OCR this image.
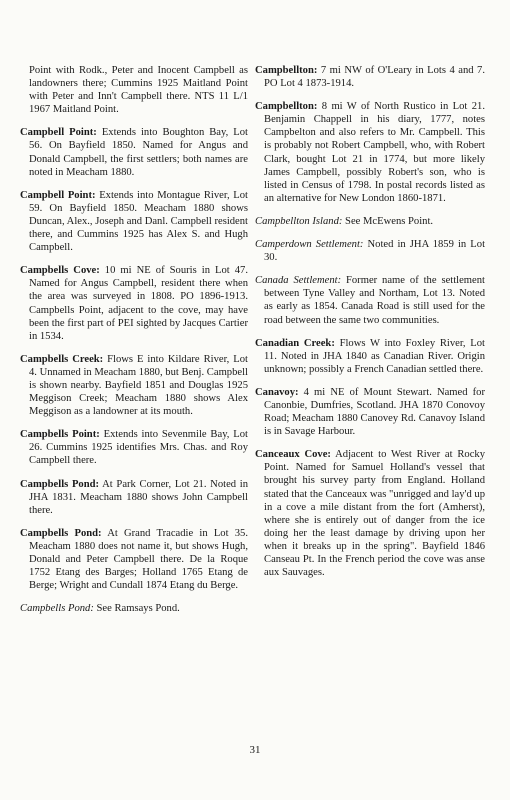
Point with Rodk., Peter and Inocent Campbell as landowners there; Cummins 1925 Maitland Point with Peter and Inn't Campbell there. NTS 11 L/1 1967 Maitland Point.

Campbell Point: Extends into Boughton Bay, Lot 56. On Bayfield 1850. Named for Angus and Donald Campbell, the first settlers; both names are noted in Meacham 1880.

Campbell Point: Extends into Montague River, Lot 59. On Bayfield 1850. Meacham 1880 shows Duncan, Alex., Joseph and Danl. Campbell resident there, and Cummins 1925 has Alex S. and Hugh Campbell.

Campbells Cove: 10 mi NE of Souris in Lot 47. Named for Angus Campbell, resident there when the area was surveyed in 1808. PO 1896-1913. Campbells Point, adjacent to the cove, may have been the first part of PEI sighted by Jacques Cartier in 1534.

Campbells Creek: Flows E into Kildare River, Lot 4. Unnamed in Meacham 1880, but Benj. Campbell is shown nearby. Bayfield 1851 and Douglas 1925 Meggison Creek; Meacham 1880 shows Alex Meggison as a landowner at its mouth.

Campbells Point: Extends into Sevenmile Bay, Lot 26. Cummins 1925 identifies Mrs. Chas. and Roy Campbell there.

Campbells Pond: At Park Corner, Lot 21. Noted in JHA 1831. Meacham 1880 shows John Campbell there.

Campbells Pond: At Grand Tracadie in Lot 35. Meacham 1880 does not name it, but shows Hugh, Donald and Peter Campbell there. De la Roque 1752 Etang des Barges; Holland 1765 Etang de Berge; Wright and Cundall 1874 Etang du Berge.

Campbells Pond: See Ramsays Pond.

Campbellton: 7 mi NW of O'Leary in Lots 4 and 7. PO Lot 4 1873-1914.

Campbellton: 8 mi W of North Rustico in Lot 21. Benjamin Chappell in his diary, 1777, notes Campbelton and also refers to Mr. Campbell. This is probably not Robert Campbell, who, with Robert Clark, bought Lot 21 in 1774, but more likely James Campbell, possibly Robert's son, who is listed in Census of 1798. In postal records listed as an alternative for New London 1860-1871.

Campbellton Island: See McEwens Point.

Camperdown Settlement: Noted in JHA 1859 in Lot 30.

Canada Settlement: Former name of the settlement between Tyne Valley and Northam, Lot 13. Noted as early as 1854. Canada Road is still used for the road between the same two communities.

Canadian Creek: Flows W into Foxley River, Lot 11. Noted in JHA 1840 as Canadian River. Origin unknown; possibly a French Canadian settled there.

Canavoy: 4 mi NE of Mount Stewart. Named for Canonbie, Dumfries, Scotland. JHA 1870 Conovoy Road; Meacham 1880 Canovey Rd. Canavoy Island is in Savage Harbour.

Canceaux Cove: Adjacent to West River at Rocky Point. Named for Samuel Holland's vessel that brought his survey party from England. Holland stated that the Canceaux was "unrigged and lay'd up in a cove a mile distant from the fort (Amherst), where she is entirely out of danger from the ice doing her the least damage by driving upon her when it breaks up in the spring". Bayfield 1846 Canseau Pt. In the French period the cove was anse aux Sauvages.

31
